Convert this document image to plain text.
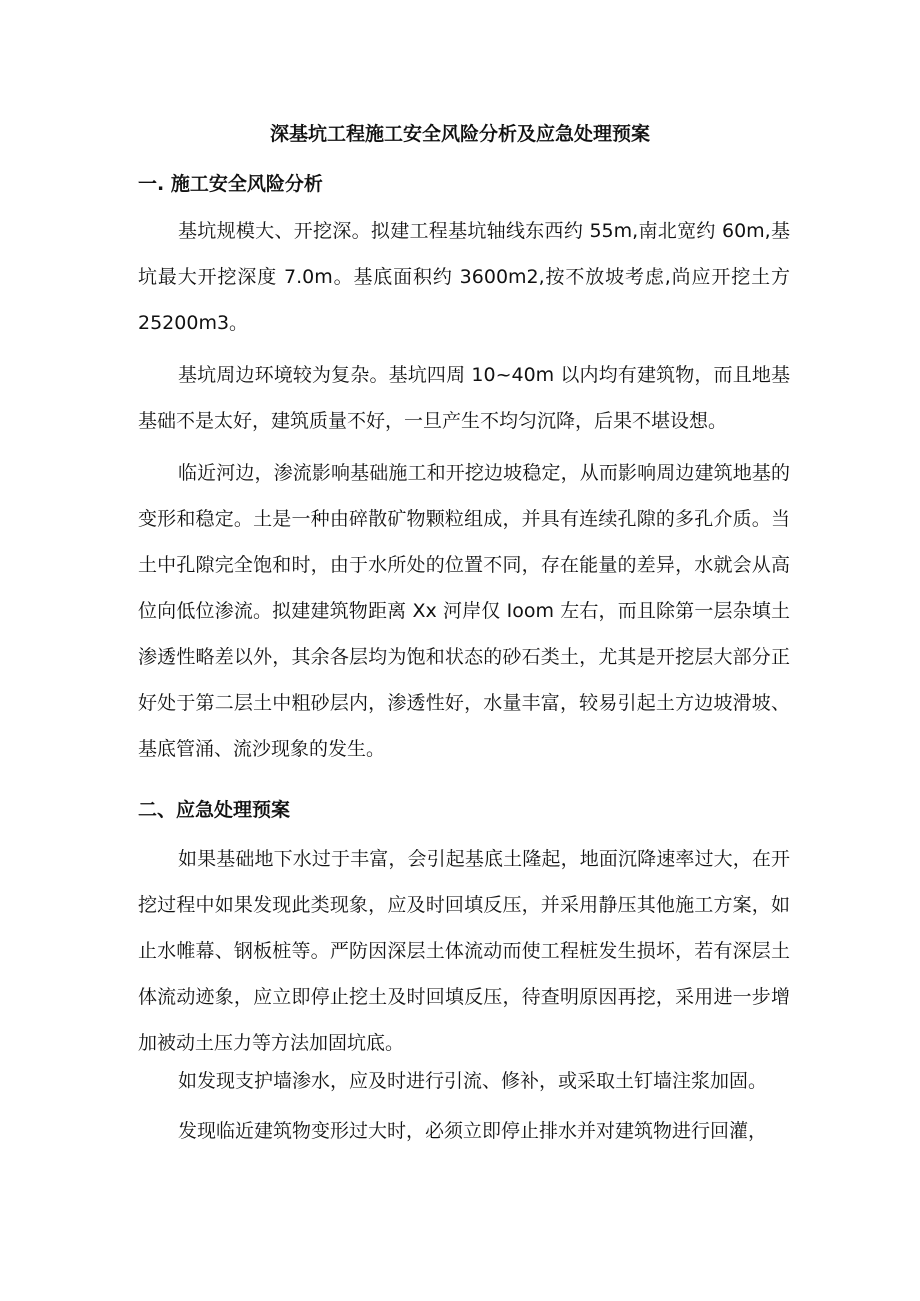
深基坑工程施工安全风险分析及应急处理预案
一. 施工安全风险分析

基坑规模大、开挖深。拟建工程基坑轴线东西约 55m,南北宽约 60m,基坑最大开挖深度 7.0m。基底面积约 3600m2,按不放坡考虑,尚应开挖土方 25200m3。

基坑周边环境较为复杂。基坑四周 10~40m 以内均有建筑物，而且地基基础不是太好，建筑质量不好，一旦产生不均匀沉降，后果不堪设想。

临近河边，渗流影响基础施工和开挖边坡稳定，从而影响周边建筑地基的变形和稳定。土是一种由碎散矿物颗粒组成，并具有连续孔隙的多孔介质。当土中孔隙完全饱和时，由于水所处的位置不同，存在能量的差异，水就会从高位向低位渗流。拟建建筑物距离 Xx 河岸仅 Ioom 左右，而且除第一层杂填土渗透性略差以外，其余各层均为饱和状态的砂石类土，尤其是开挖层大部分正好处于第二层土中粗砂层内，渗透性好，水量丰富，较易引起土方边坡滑坡、基底管涌、流沙现象的发生。

二、应急处理预案

如果基础地下水过于丰富，会引起基底土隆起，地面沉降速率过大，在开挖过程中如果发现此类现象，应及时回填反压，并采用静压其他施工方案，如止水帷幕、钢板桩等。严防因深层土体流动而使工程桩发生损坏，若有深层土体流动迹象，应立即停止挖土及时回填反压，待查明原因再挖，采用进一步增加被动土压力等方法加固坑底。

如发现支护墙渗水，应及时进行引流、修补，或采取土钉墙注浆加固。

发现临近建筑物变形过大时，必须立即停止排水并对建筑物进行回灌，
